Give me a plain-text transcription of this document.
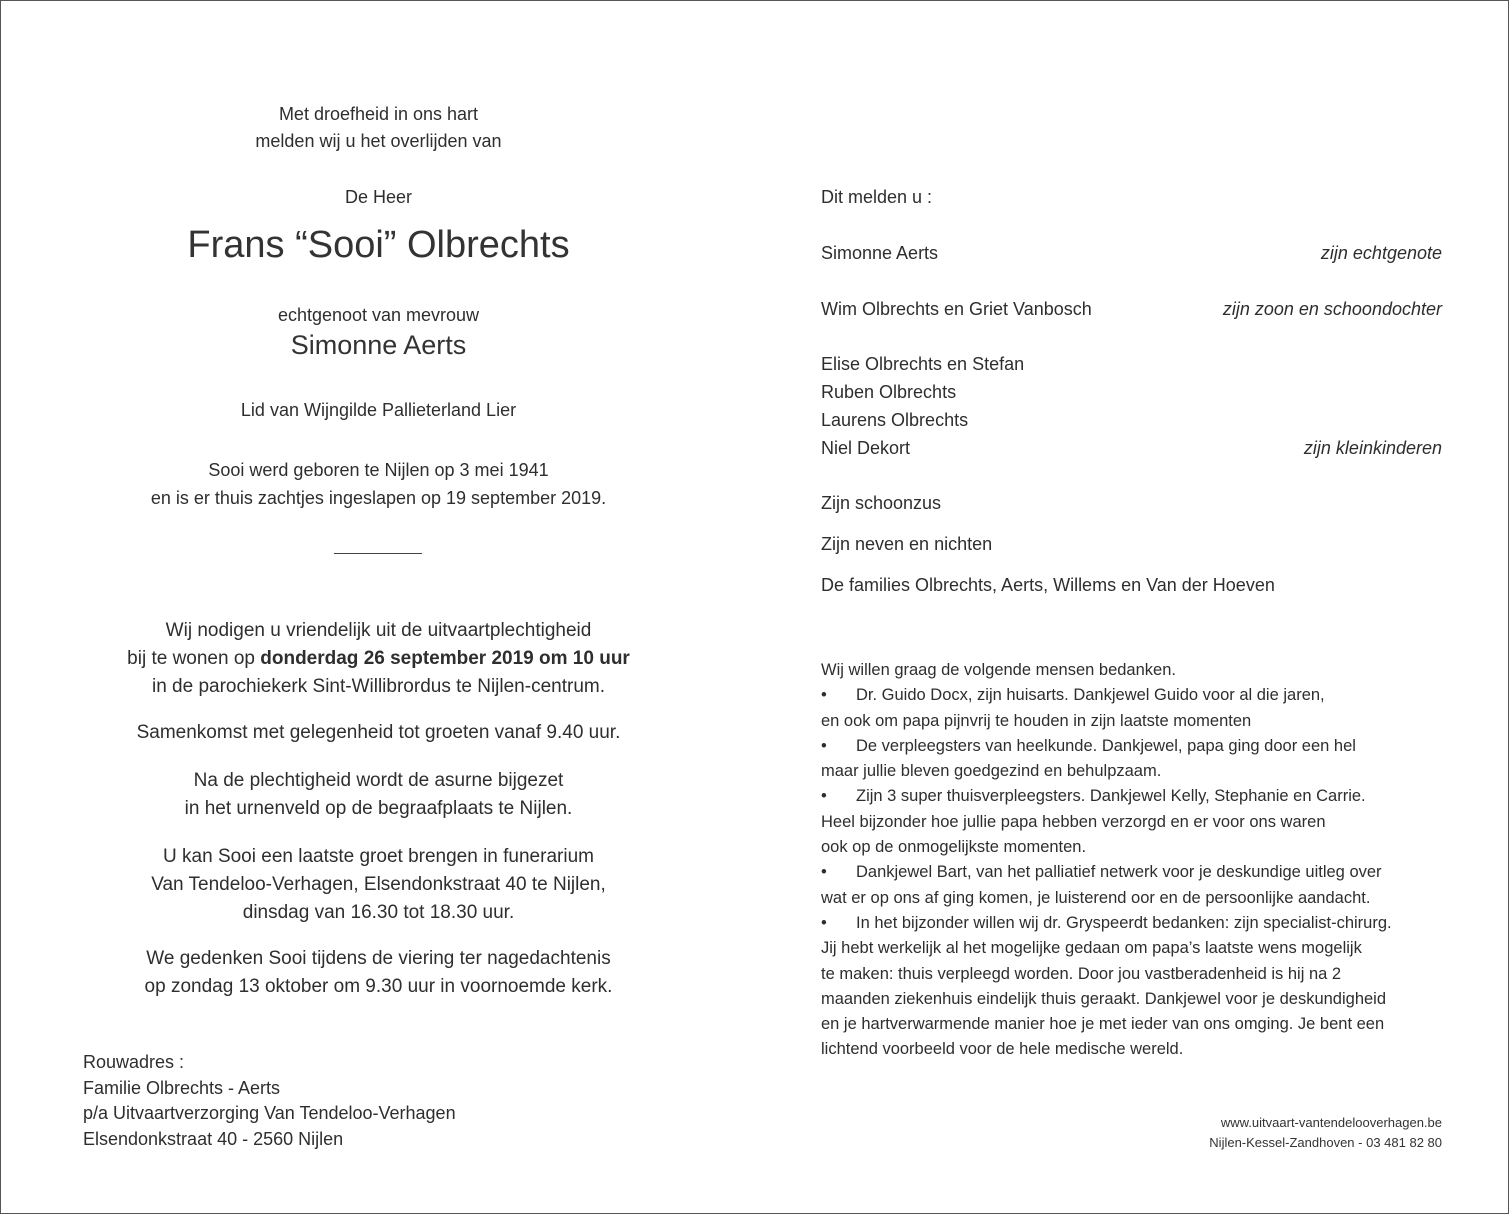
Met droefheid in ons hart
melden wij u het overlijden van
De Heer
Frans “Sooi” Olbrechts
echtgenoot van mevrouw
Simonne Aerts
Lid van Wijngilde Pallieterland Lier
Sooi werd geboren te Nijlen op 3 mei 1941
en is er thuis zachtjes ingeslapen op 19 september 2019.
Wij nodigen u vriendelijk uit de uitvaartplechtigheid
bij te wonen op donderdag 26 september 2019 om 10 uur
in de parochiekerk Sint-Willibrordus te Nijlen-centrum.
Samenkomst met gelegenheid tot groeten vanaf 9.40 uur.
Na de plechtigheid wordt de asurne bijgezet
in het urnenveld op de begraafplaats te Nijlen.
U kan Sooi een laatste groet brengen in funerarium
Van Tendeloo-Verhagen, Elsendonkstraat 40 te Nijlen,
dinsdag van 16.30 tot 18.30 uur.
We gedenken Sooi tijdens de viering ter nagedachtenis
op zondag 13 oktober om 9.30 uur in voornoemde kerk.
Rouwadres :
Familie Olbrechts - Aerts
p/a Uitvaartverzorging Van Tendeloo-Verhagen
Elsendonkstraat 40 - 2560 Nijlen
Dit melden u :
Simonne Aerts	zijn echtgenote
Wim Olbrechts en Griet Vanbosch	zijn zoon en schoondochter
Elise Olbrechts en Stefan
Ruben Olbrechts
Laurens Olbrechts
Niel Dekort	zijn kleinkinderen
Zijn schoonzus
Zijn neven en nichten
De families Olbrechts, Aerts, Willems en Van der Hoeven
Wij willen graag de volgende mensen bedanken.
• Dr. Guido Docx, zijn huisarts. Dankjewel Guido voor al die jaren,
en ook om papa pijnvrij te houden in zijn laatste momenten
• De verpleegsters van heelkunde. Dankjewel, papa ging door een hel
maar jullie bleven goedgezind en behulpzaam.
• Zijn 3 super thuisverpleegsters. Dankjewel Kelly, Stephanie en Carrie.
Heel bijzonder hoe jullie papa hebben verzorgd en er voor ons waren
ook op de onmogelijkste momenten.
• Dankjewel Bart, van het palliatief netwerk voor je deskundige uitleg over
wat er op ons af ging komen, je luisterend oor en de persoonlijke aandacht.
• In het bijzonder willen wij dr. Gryspeerdt bedanken: zijn specialist-chirurg.
Jij hebt werkelijk al het mogelijke gedaan om papa’s laatste wens mogelijk
te maken: thuis verpleegd worden. Door jou vastberadenheid is hij na 2
maanden ziekenhuis eindelijk thuis geraakt. Dankjewel voor je deskundigheid
en je hartverwarmende manier hoe je met ieder van ons omging. Je bent een
lichtend voorbeeld voor de hele medische wereld.
www.uitvaart-vantendelooverhagen.be
Nijlen-Kessel-Zandhoven - 03 481 82 80
